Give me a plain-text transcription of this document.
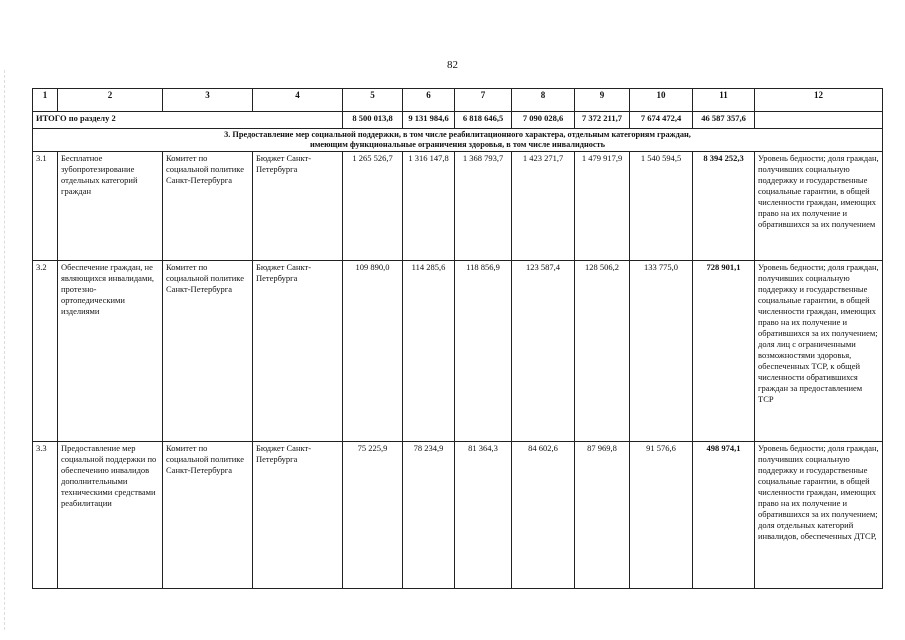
82
1	2	3	4	5	6	7	8	9	10	11	12
ИТОГО по разделу 2				8 500 013,8	9 131 984,6	6 818 646,5	7 090 028,6	7 372 211,7	7 674 472,4	46 587 357,6	

3. Предоставление мер социальной поддержки, в том числе реабилитационного характера, отдельным категориям граждан,
имеющим функциональные ограничения здоровья, в том числе инвалидность											

3.1	Бесплатное зубопротезирование отдельных категорий граждан	Комитет по социальной политике Санкт-Петербурга	Бюджет Санкт-Петербурга	1 265 526,7	1 316 147,8	1 368 793,7	1 423 271,7	1 479 917,9	1 540 594,5	8 394 252,3	Уровень бедности; доля граждан, получивших социальную поддержку и государственные социальные гарантии, в общей численности граждан, имеющих право на их получение и обратившихся за их получением
3.2	Обеспечение граждан, не являющихся инвалидами, протезно-ортопедическими изделиями	Комитет по социальной политике Санкт-Петербурга	Бюджет Санкт-Петербурга	109 890,0	114 285,6	118 856,9	123 587,4	128 506,2	133 775,0	728 901,1	Уровень бедности; доля граждан, получивших социальную поддержку и государственные социальные гарантии, в общей численности граждан, имеющих право на их получение и обратившихся за их получением; доля лиц с ограниченными возможностями здоровья, обеспеченных ТСР, к общей численности обратившихся граждан за предоставлением ТСР
3.3	Предоставление мер социальной поддержки по обеспечению инвалидов дополнительными техническими средствами реабилитации	Комитет по социальной политике Санкт-Петербурга	Бюджет Санкт-Петербурга	75 225,9	78 234,9	81 364,3	84 602,6	87 969,8	91 576,6	498 974,1	Уровень бедности; доля граждан, получивших социальную поддержку и государственные социальные гарантии, в общей численности граждан, имеющих право на их получение и обратившихся за их получением; доля отдельных категорий инвалидов, обеспеченных ДТСР,
